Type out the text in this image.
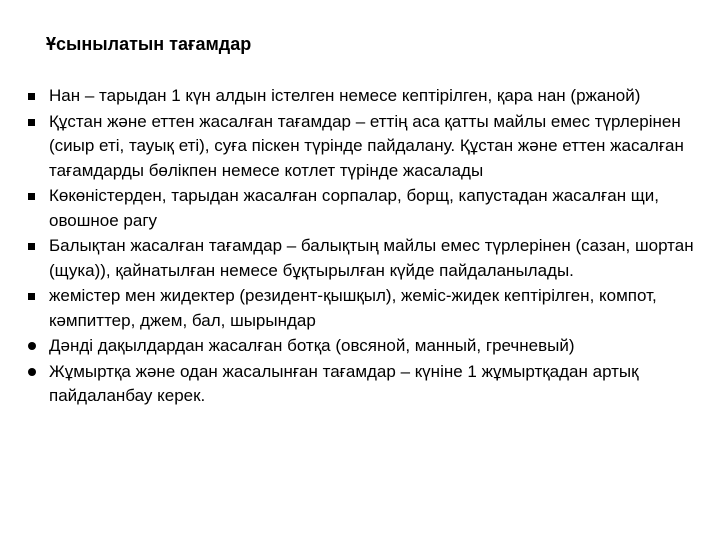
Ұсынылатын тағамдар
Нан – тарыдан 1 күн алдын істелген немесе кептірілген, қара нан (ржаной)
Құстан және еттен жасалған тағамдар – еттің аса қатты майлы емес түрлерінен (сиыр еті, тауық еті), суға піскен түрінде пайдалану. Құстан және еттен жасалған тағамдарды бөлікпен немесе котлет түрінде жасалады
Көкөністерден, тарыдан жасалған сорпалар, борщ, капустадан жасалған щи, овошное рагу
Балықтан жасалған тағамдар – балықтың майлы емес түрлерінен (сазан, шортан (щука)), қайнатылған немесе бұқтырылған күйде пайдаланылады.
жемістер мен жидектер (резидент-қышқыл), жеміс-жидек кептірілген, компот, кәмпиттер, джем, бал, шырындар
Дәнді дақылдардан жасалған ботқа (овсяной, манный, гречневый)
Жұмыртқа және одан жасалынған тағамдар – күніне 1 жұмыртқадан артық пайдаланбау керек.
